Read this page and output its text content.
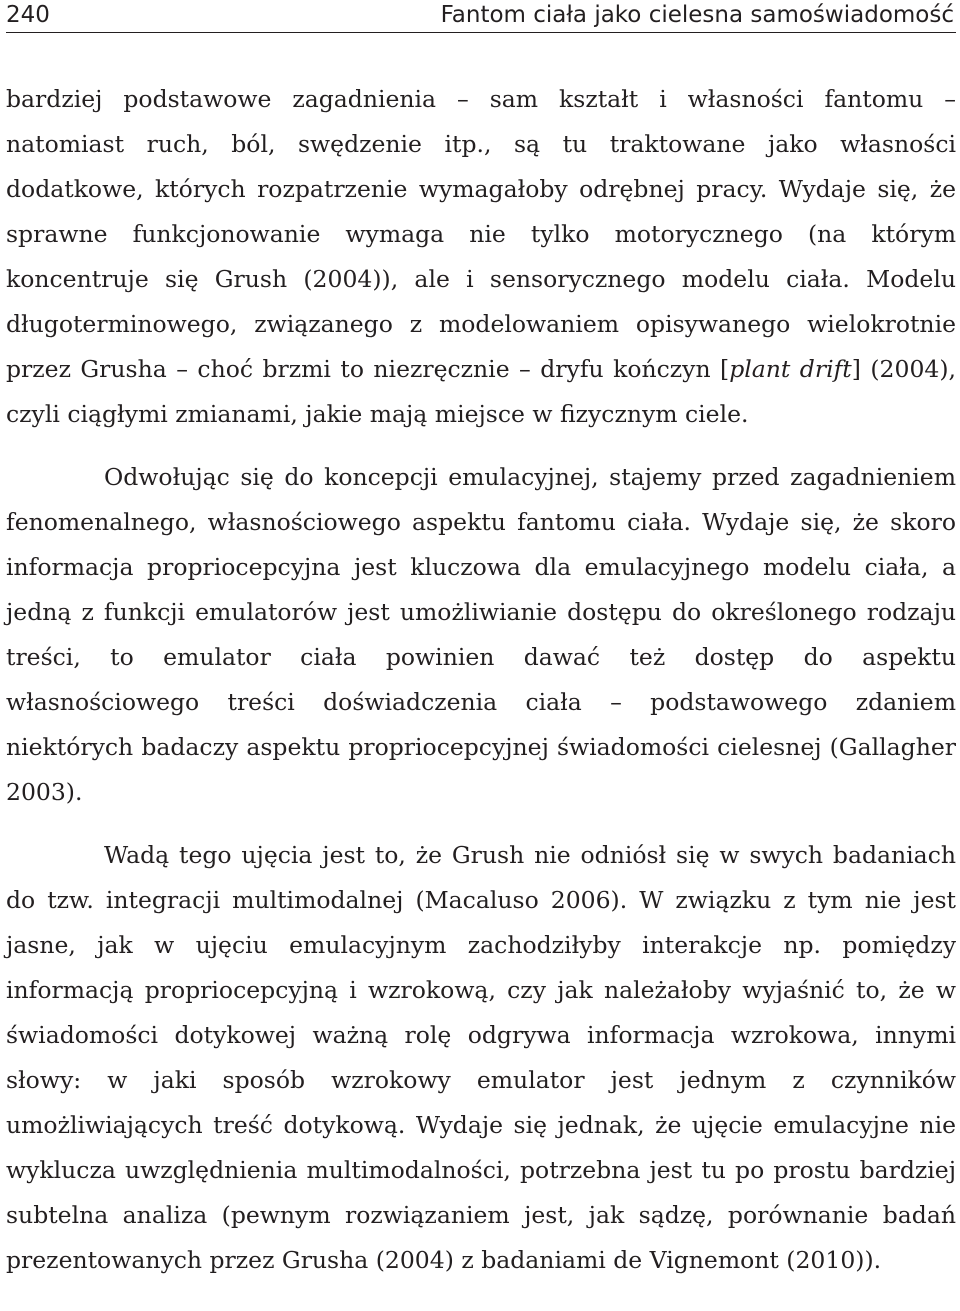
240	Fantom ciała jako cielesna samoświadomość

bardziej podstawowe zagadnienia – sam kształt i własności fantomu – natomiast ruch, ból, swędzenie itp., są tu traktowane jako własności dodatkowe, których rozpatrzenie wymagałoby odrębnej pracy. Wydaje się, że sprawne funkcjonowanie wymaga nie tylko motorycznego (na którym koncentruje się Grush (2004)), ale i sensorycznego modelu ciała. Modelu długoterminowego, związanego z modelowaniem opisywanego wielokrotnie przez Grusha – choć brzmi to niezręcznie – dryfu kończyn [plant drift] (2004), czyli ciągłymi zmianami, jakie mają miejsce w fizycznym ciele.

Odwołując się do koncepcji emulacyjnej, stajemy przed zagadnieniem fenomenalnego, własnościowego aspektu fantomu ciała. Wydaje się, że skoro informacja propriocepcyjna jest kluczowa dla emulacyjnego modelu ciała, a jedną z funkcji emulatorów jest umożliwianie dostępu do określonego rodzaju treści, to emulator ciała powinien dawać też dostęp do aspektu własnościowego treści doświadczenia ciała – podstawowego zdaniem niektórych badaczy aspektu propriocepcyjnej świadomości cielesnej (Gallagher 2003).

Wadą tego ujęcia jest to, że Grush nie odniósł się w swych badaniach do tzw. integracji multimodalnej (Macaluso 2006). W związku z tym nie jest jasne, jak w ujęciu emulacyjnym zachodziłyby interakcje np. pomiędzy informacją propriocepcyjną i wzrokową, czy jak należałoby wyjaśnić to, że w świadomości dotykowej ważną rolę odgrywa informacja wzrokowa, innymi słowy: w jaki sposób wzrokowy emulator jest jednym z czynników umożliwiających treść dotykową. Wydaje się jednak, że ujęcie emulacyjne nie wyklucza uwzględnienia multimodalności, potrzebna jest tu po prostu bardziej subtelna analiza (pewnym rozwiązaniem jest, jak sądzę, porównanie badań prezentowanych przez Grusha (2004) z badaniami de Vignemont (2010)).
